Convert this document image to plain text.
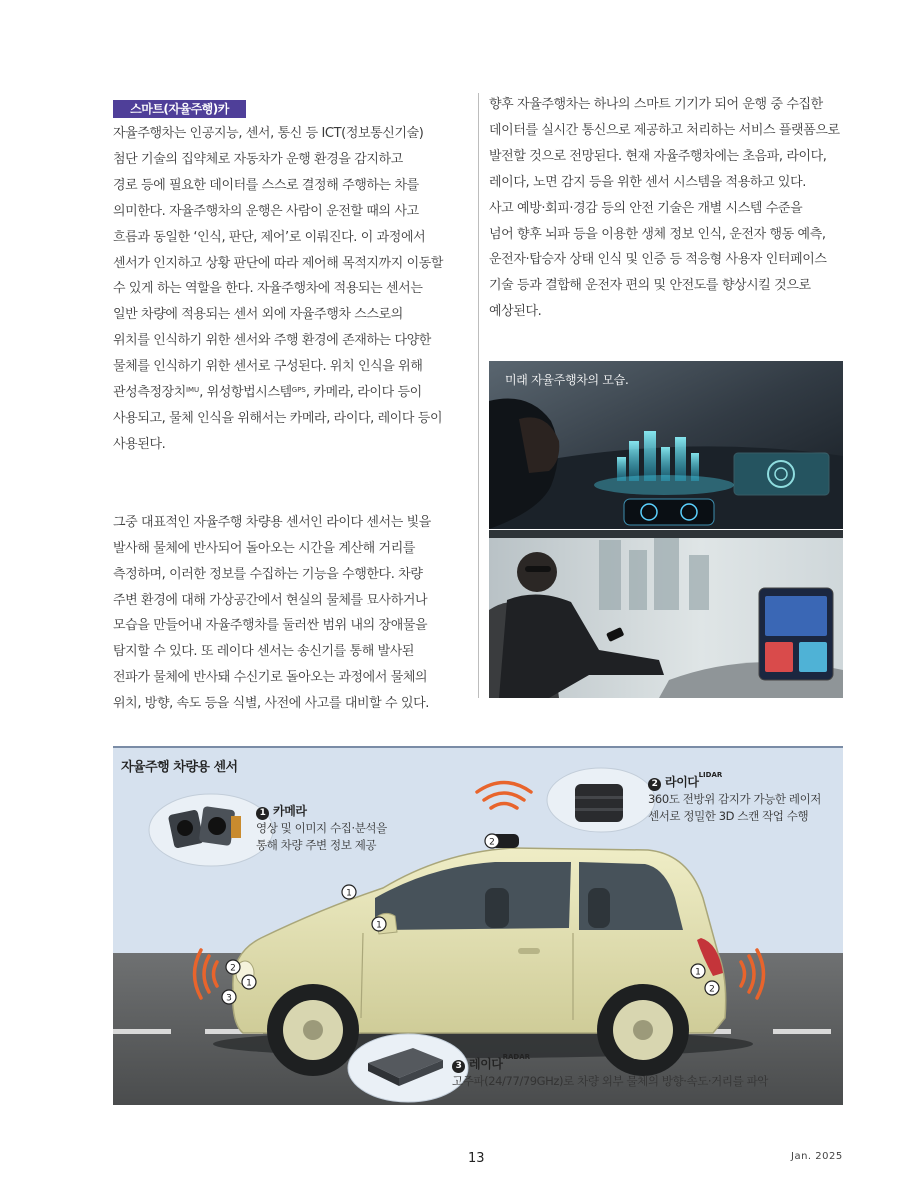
스마트(자율주행)카

자율주행차는 인공지능, 센서, 통신 등 ICT(정보통신기술)

첨단 기술의 집약체로 자동차가 운행 환경을 감지하고

경로 등에 필요한 데이터를 스스로 결정해 주행하는 차를

의미한다. 자율주행차의 운행은 사람이 운전할 때의 사고

흐름과 동일한 ‘인식, 판단, 제어’로 이뤄진다. 이 과정에서

센서가 인지하고 상황 판단에 따라 제어해 목적지까지 이동할

수 있게 하는 역할을 한다. 자율주행차에 적용되는 센서는

일반 차량에 적용되는 센서 외에 자율주행차 스스로의

위치를 인식하기 위한 센서와 주행 환경에 존재하는 다양한

물체를 인식하기 위한 센서로 구성된다. 위치 인식을 위해

관성측정장치$^{IMU}$, 위성항법시스템$^{GPS}$, 카메라, 라이다 등이

사용되고, 물체 인식을 위해서는 카메라, 라이다, 레이다 등이

사용된다.

그중 대표적인 자율주행 차량용 센서인 라이다 센서는 빛을

발사해 물체에 반사되어 돌아오는 시간을 계산해 거리를

측정하며, 이러한 정보를 수집하는 기능을 수행한다. 차량

주변 환경에 대해 가상공간에서 현실의 물체를 묘사하거나

모습을 만들어내 자율주행차를 둘러싼 범위 내의 장애물을

탐지할 수 있다. 또 레이다 센서는 송신기를 통해 발사된

전파가 물체에 반사돼 수신기로 돌아오는 과정에서 물체의

위치, 방향, 속도 등을 식별, 사전에 사고를 대비할 수 있다.

향후 자율주행차는 하나의 스마트 기기가 되어 운행 중 수집한

데이터를 실시간 통신으로 제공하고 처리하는 서비스 플랫폼으로

발전할 것으로 전망된다. 현재 자율주행차에는 초음파, 라이다,

레이다, 노면 감지 등을 위한 센서 시스템을 적용하고 있다.

사고 예방·회피·경감 등의 안전 기술은 개별 시스템 수준을

넘어 향후 뇌파 등을 이용한 생체 정보 인식, 운전자 행동 예측,

운전자·탑승자 상태 인식 및 인증 등 적응형 사용자 인터페이스

기술 등과 결합해 운전자 편의 및 안전도를 향상시킬 것으로

예상된다.

미래 자율주행차의 모습.
1
1
2
2
1
3
1
2
자율주행 차량용 센서
1 카메라
영상 및 이미지 수집·분석을
통해 차량 주변 정보 제공
2 라이다$^{LIDAR}$
360도 전방위 감지가 가능한 레이저
센서로 정밀한 3D 스캔 작업 수행
3 레이다$^{RADAR}$
고주파(24/77/79GHz)로 차량 외부 물체의 방향·속도·거리를 파악
13	Jan. 2025
